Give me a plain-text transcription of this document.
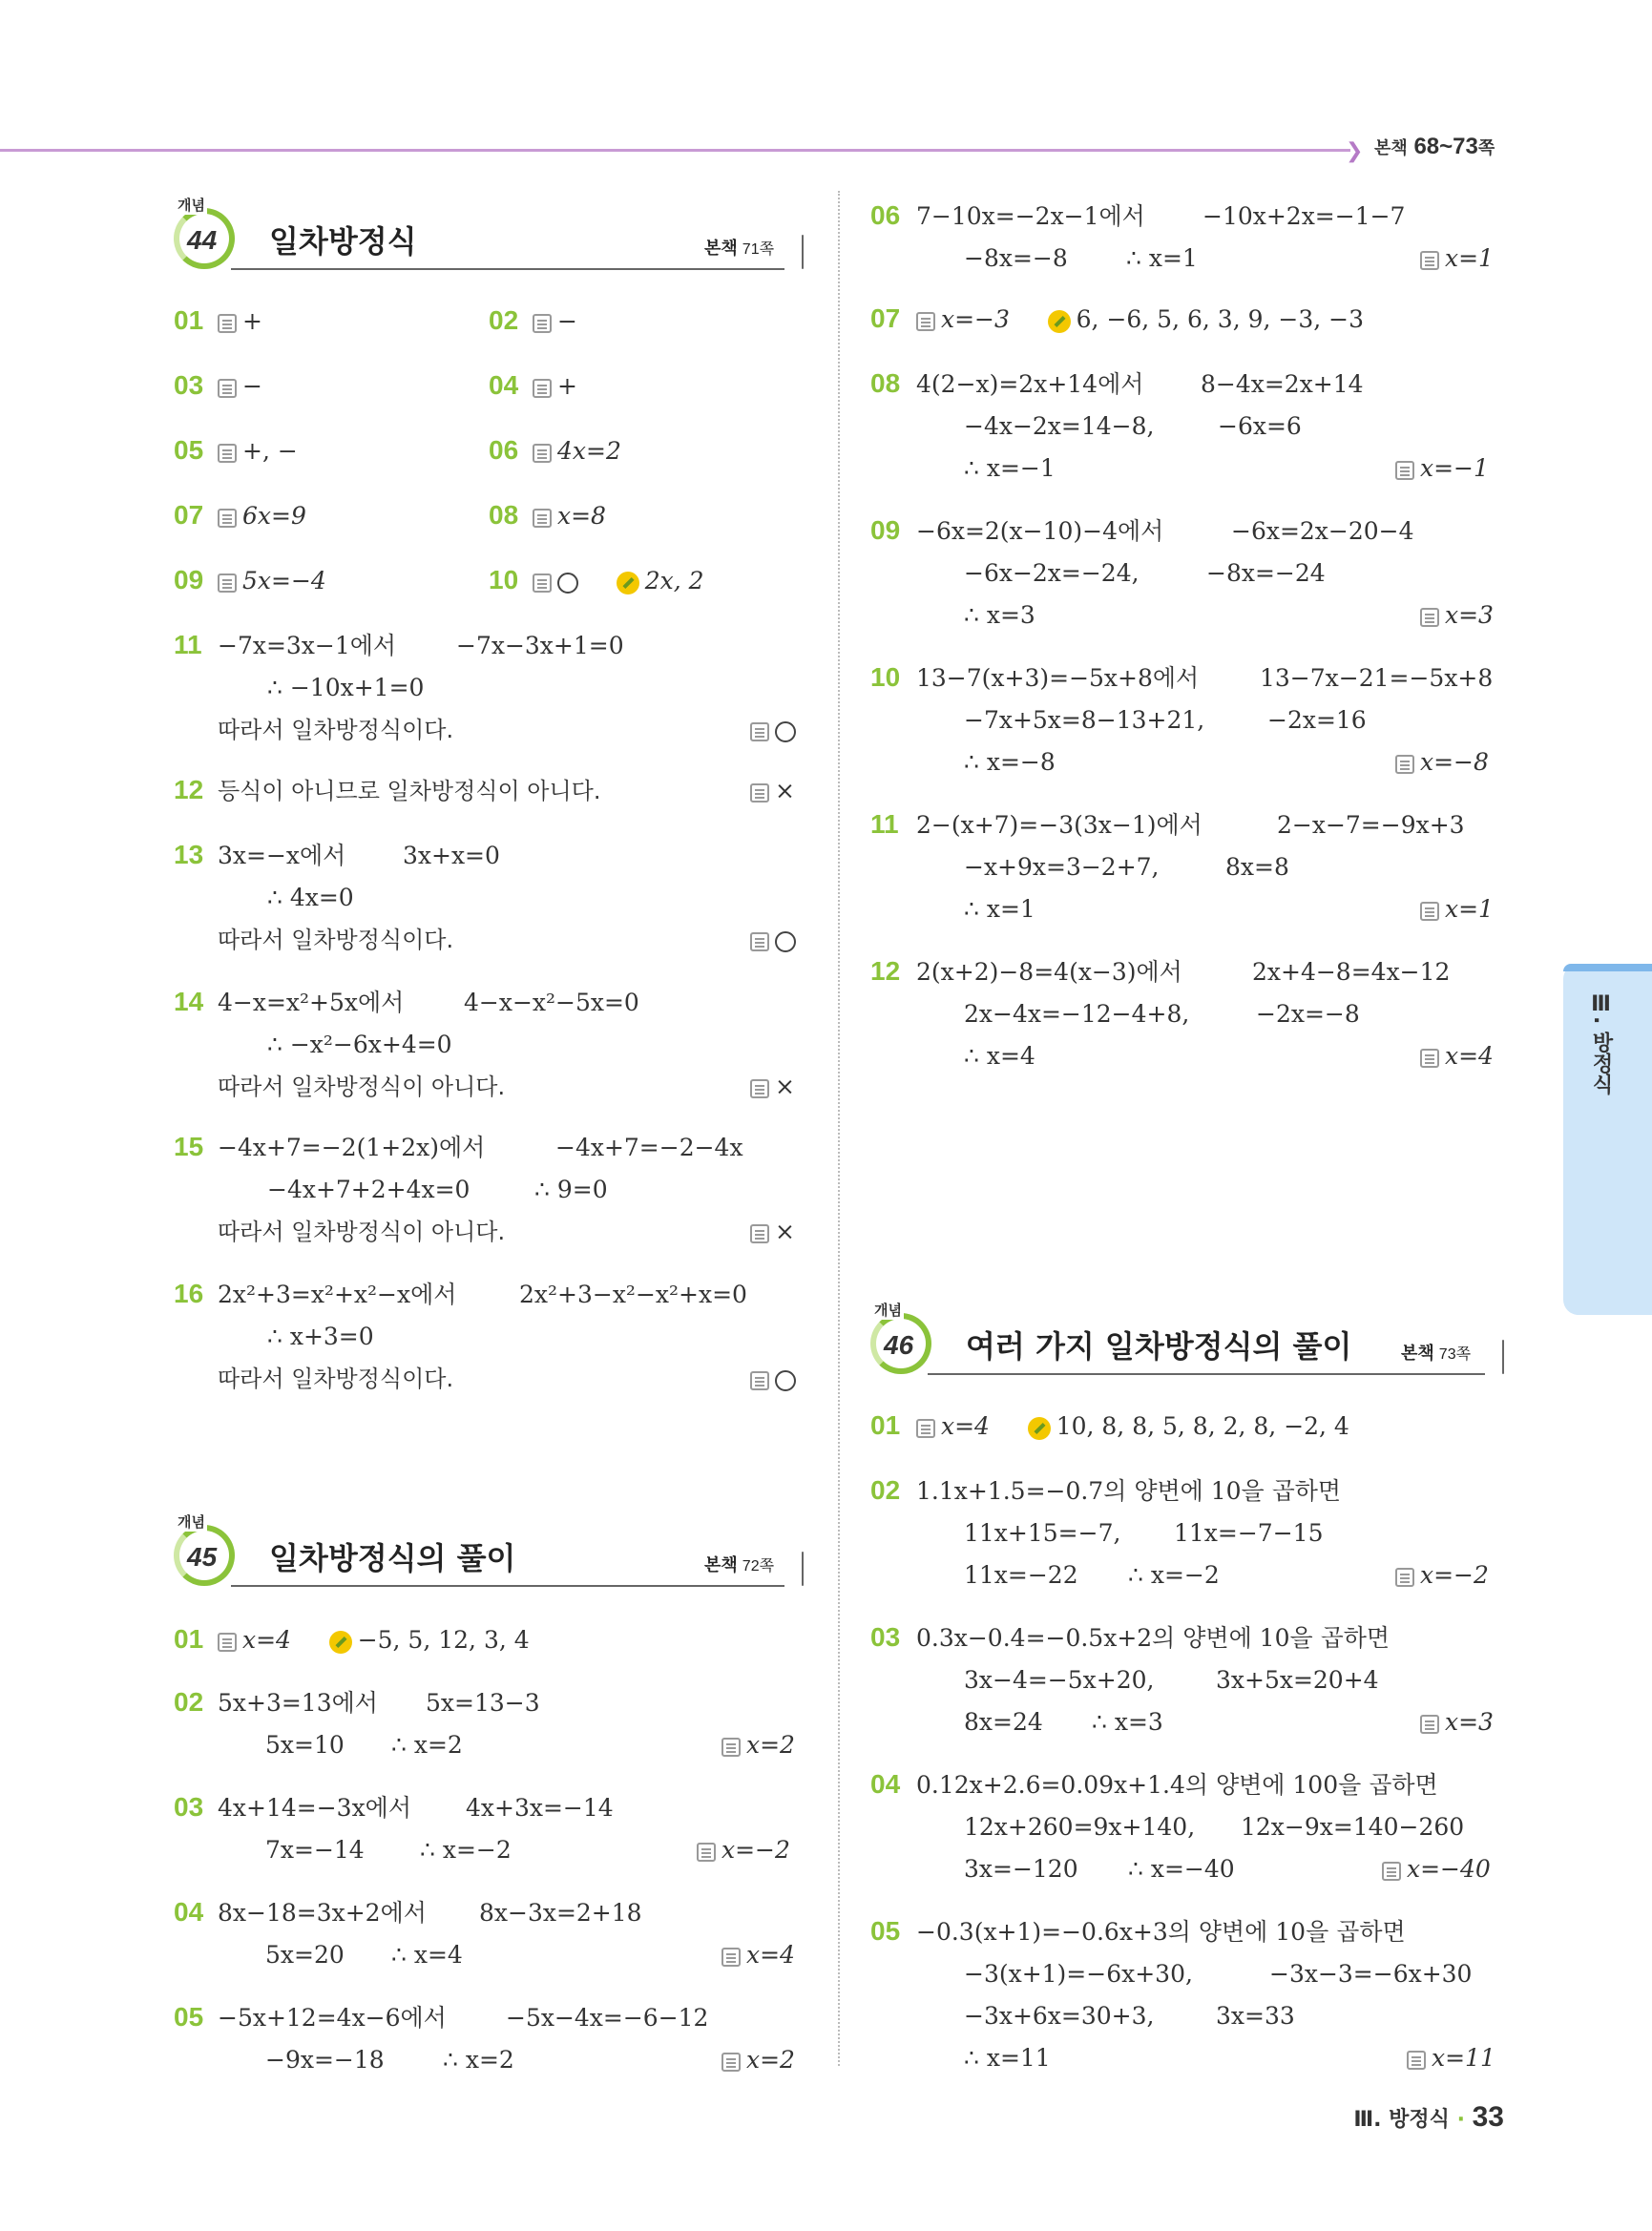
❯ 본책 68~73쪽
개념
44 일차방정식	본책 71쪽
01	+	02	−
03	−	04	+
05	+, −	06	4x=2
07	6x=9	08	x=8
09	5x=−4	10	2x, 2
11 −7x=3x−1에서	−7x−3x+1=0
∴ −10x+1=0
따라서 일차방정식이다.
12 등식이 아니므로 일차방정식이 아니다.	×
13 3x=−x에서 3x+x=0
∴ 4x=0
따라서 일차방정식이다.
14 4−x=x²+5x에서	4−x−x²−5x=0
∴ −x²−6x+4=0
따라서 일차방정식이 아니다.	×
15 −4x+7=−2(1+2x)에서	−4x+7=−2−4x
−4x+7+2+4x=0	∴ 9=0
따라서 일차방정식이 아니다.	×
16 2x²+3=x²+x²−x에서	2x²+3−x²−x²+x=0
∴ x+3=0
따라서 일차방정식이다.
개념
45 일차방정식의 풀이	본책 72쪽
01	x=4	−5, 5, 12, 3, 4
02 5x+3=13에서 5x=13−3
5x=10 ∴ x=2	x=2
03 4x+14=−3x에서 4x+3x=−14
7x=−14 ∴ x=−2	x=−2
04 8x−18=3x+2에서 8x−3x=2+18
5x=20 ∴ x=4	x=4
05 −5x+12=4x−6에서 −5x−4x=−6−12
−9x=−18 ∴ x=2	x=2
06 7−10x=−2x−1에서 −10x+2x=−1−7
−8x=−8 ∴ x=1	x=1
07	x=−3	6, −6, 5, 6, 3, 9, −3, −3
08 4(2−x)=2x+14에서 8−4x=2x+14
−4x−2x=14−8,	−6x=6
∴ x=−1	x=−1
09 −6x=2(x−10)−4에서	−6x=2x−20−4
−6x−2x=−24,	−8x=−24
∴ x=3	x=3
10 13−7(x+3)=−5x+8에서	13−7x−21=−5x+8
−7x+5x=8−13+21,	−2x=16
∴ x=−8	x=−8
11 2−(x+7)=−3(3x−1)에서	2−x−7=−9x+3
−x+9x=3−2+7,	8x=8
∴ x=1	x=1
12 2(x+2)−8=4(x−3)에서	2x+4−8=4x−12
2x−4x=−12−4+8,	−2x=−8
∴ x=4	x=4
개념
46 여러 가지 일차방정식의 풀이	본책 73쪽
01	x=4	10, 8, 8, 5, 8, 2, 8, −2, 4
02 1.1x+1.5=−0.7의 양변에 10을 곱하면
11x+15=−7, 11x=−7−15
11x=−22 ∴ x=−2	x=−2
03 0.3x−0.4=−0.5x+2의 양변에 10을 곱하면
3x−4=−5x+20,	3x+5x=20+4
8x=24 ∴ x=3	x=3
04 0.12x+2.6=0.09x+1.4의 양변에 100을 곱하면
12x+260=9x+140, 12x−9x=140−260
3x=−120 ∴ x=−40	x=−40
05 −0.3(x+1)=−0.6x+3의 양변에 10을 곱하면
−3(x+1)=−6x+30,	−3x−3=−6x+30
−3x+6x=30+3,	3x=33
∴ x=11	x=11
Ⅲ. 방정식
Ⅲ. 방정식 · 33
